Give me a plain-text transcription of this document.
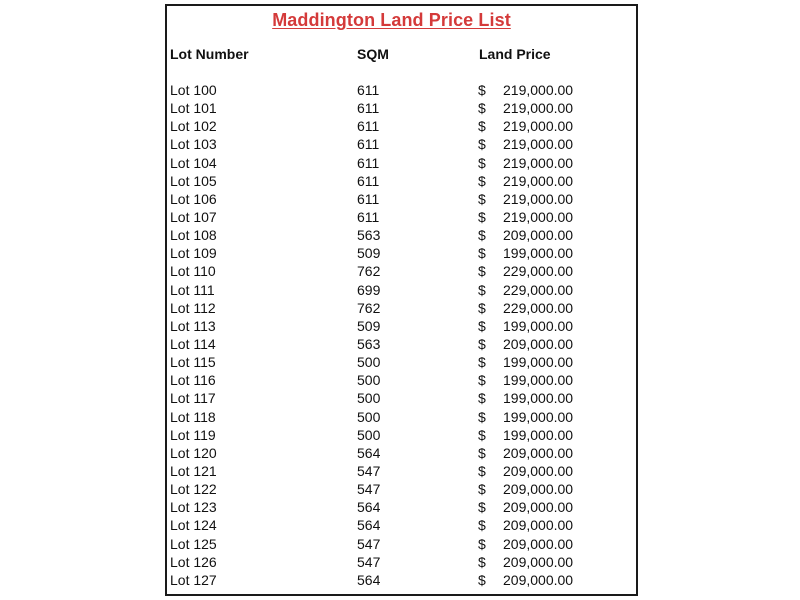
Maddington Land Price List
Lot Number	SQM	Land Price
Lot 100	611	$ 219,000.00
Lot 101	611	$ 219,000.00
Lot 102	611	$ 219,000.00
Lot 103	611	$ 219,000.00
Lot 104	611	$ 219,000.00
Lot 105	611	$ 219,000.00
Lot 106	611	$ 219,000.00
Lot 107	611	$ 219,000.00
Lot 108	563	$ 209,000.00
Lot 109	509	$ 199,000.00
Lot 110	762	$ 229,000.00
Lot 111	699	$ 229,000.00
Lot 112	762	$ 229,000.00
Lot 113	509	$ 199,000.00
Lot 114	563	$ 209,000.00
Lot 115	500	$ 199,000.00
Lot 116	500	$ 199,000.00
Lot 117	500	$ 199,000.00
Lot 118	500	$ 199,000.00
Lot 119	500	$ 199,000.00
Lot 120	564	$ 209,000.00
Lot 121	547	$ 209,000.00
Lot 122	547	$ 209,000.00
Lot 123	564	$ 209,000.00
Lot 124	564	$ 209,000.00
Lot 125	547	$ 209,000.00
Lot 126	547	$ 209,000.00
Lot 127	564	$ 209,000.00
